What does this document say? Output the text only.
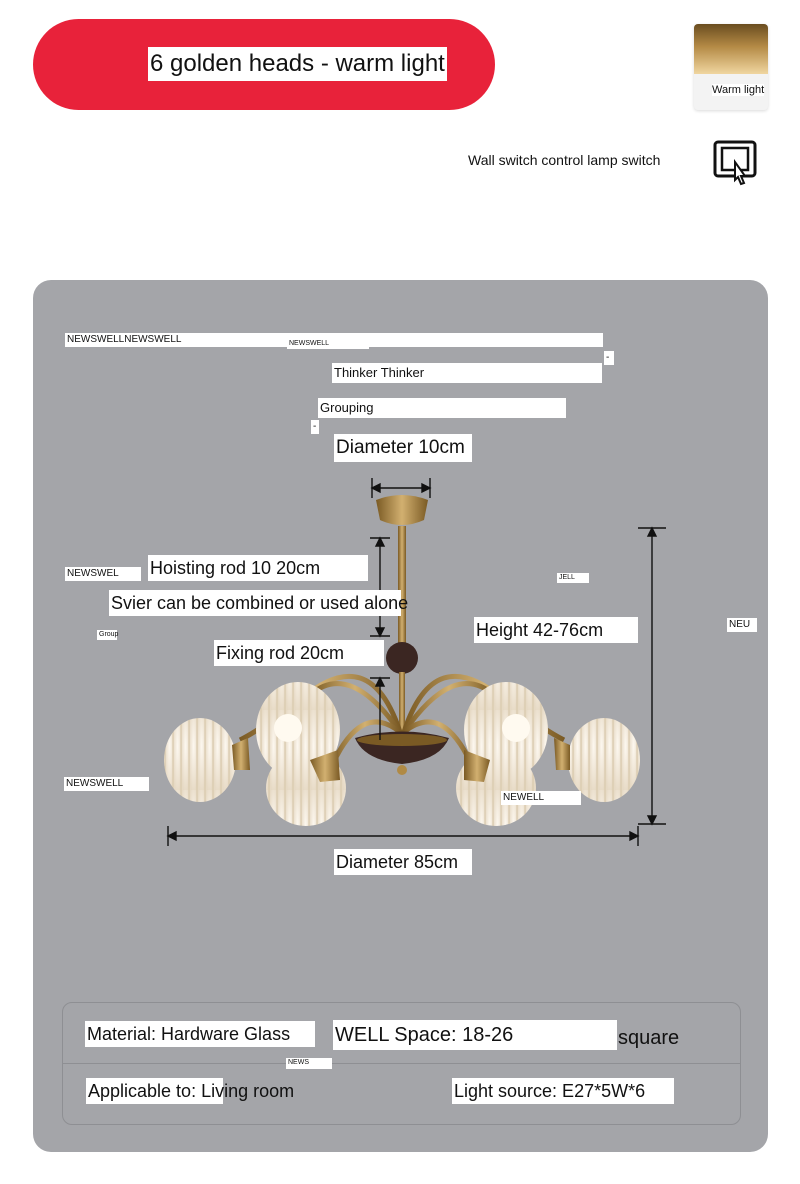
6 golden heads - warm light
Warm light
Wall switch control lamp switch
NEWSWELLNEWSWELL	NEWSWELL
-
Thinker Thinker
Grouping
-
Diameter 10cm
NEWSWEL	Hoisting rod 10 20cm
Svier can be combined or used alone
Group
JELL
Height 42-76cm	NEU
Fixing rod 20cm
NEWSWELL
NEWELL
Diameter 85cm
Material: Hardware Glass	WELL Space: 18-26	square
NEWS
Applicable to: Living room	Light source: E27*5W*6
